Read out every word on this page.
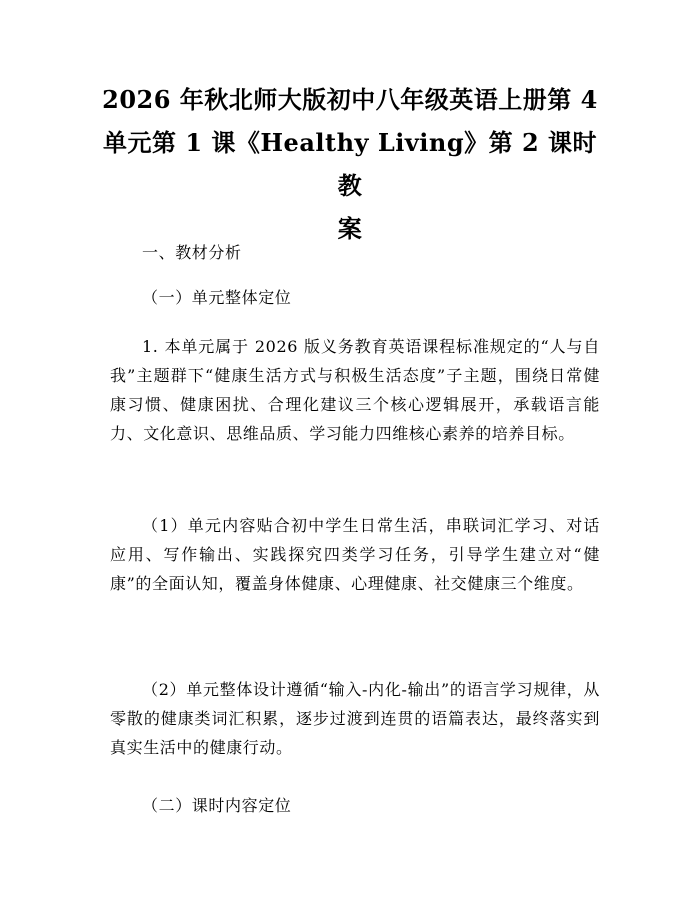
2026 年秋北师大版初中八年级英语上册第 4
单元第 1 课《Healthy Living》第 2 课时教
案

一、教材分析

（一）单元整体定位

1. 本单元属于 2026 版义务教育英语课程标准规定的“人与自我”主题群下“健康生活方式与积极生活态度”子主题，围绕日常健康习惯、健康困扰、合理化建议三个核心逻辑展开，承载语言能力、文化意识、思维品质、学习能力四维核心素养的培养目标。

（1）单元内容贴合初中学生日常生活，串联词汇学习、对话应用、写作输出、实践探究四类学习任务，引导学生建立对“健康”的全面认知，覆盖身体健康、心理健康、社交健康三个维度。

（2）单元整体设计遵循“输入-内化-输出”的语言学习规律，从零散的健康类词汇积累，逐步过渡到连贯的语篇表达，最终落实到真实生活中的健康行动。

（二）课时内容定位
